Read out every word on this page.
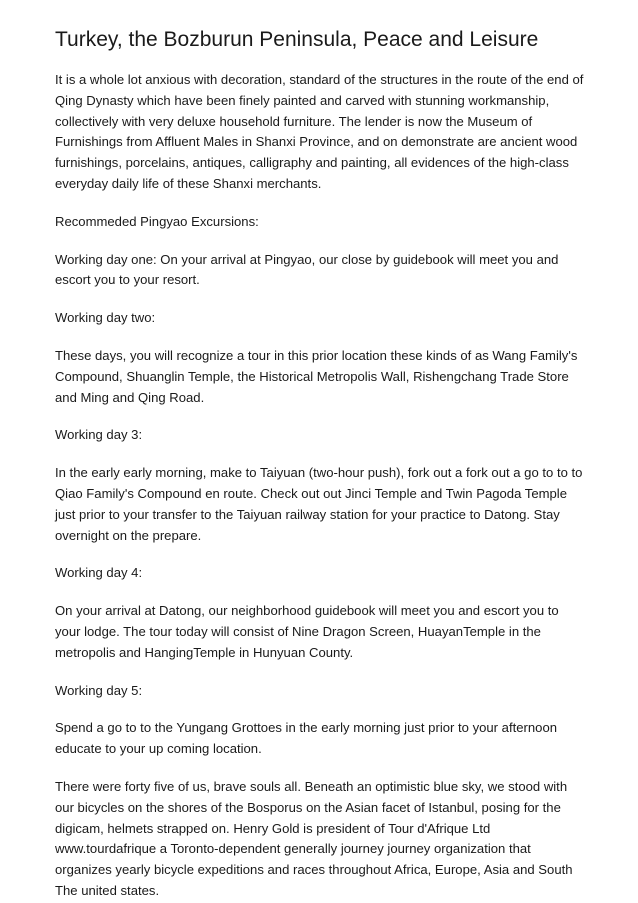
Turkey, the Bozburun Peninsula, Peace and Leisure

It is a whole lot anxious with decoration, standard of the structures in the route of the end of Qing Dynasty which have been finely painted and carved with stunning workmanship, collectively with very deluxe household furniture. The lender is now the Museum of Furnishings from Affluent Males in Shanxi Province, and on demonstrate are ancient wood furnishings, porcelains, antiques, calligraphy and painting, all evidences of the high-class everyday daily life of these Shanxi merchants.

Recommeded Pingyao Excursions:

Working day one: On your arrival at Pingyao, our close by guidebook will meet you and escort you to your resort.

Working day two:

These days, you will recognize a tour in this prior location these kinds of as Wang Family's Compound, Shuanglin Temple, the Historical Metropolis Wall, Rishengchang Trade Store and Ming and Qing Road.

Working day 3:

In the early early morning, make to Taiyuan (two-hour push), fork out a fork out a go to to to Qiao Family's Compound en route. Check out out Jinci Temple and Twin Pagoda Temple just prior to your transfer to the Taiyuan railway station for your practice to Datong. Stay overnight on the prepare.

Working day 4:

On your arrival at Datong, our neighborhood guidebook will meet you and escort you to your lodge. The tour today will consist of Nine Dragon Screen, HuayanTemple in the metropolis and HangingTemple in Hunyuan County.

Working day 5:

Spend a go to to the Yungang Grottoes in the early morning just prior to your afternoon educate to your up coming location.

There were forty five of us, brave souls all. Beneath an optimistic blue sky, we stood with our bicycles on the shores of the Bosporus on the Asian facet of Istanbul, posing for the digicam, helmets strapped on. Henry Gold is president of Tour d'Afrique Ltd www.tourdafrique a Toronto-dependent generally journey journey organization that organizes yearly bicycle expeditions and races throughout Africa, Europe, Asia and South The united states.
